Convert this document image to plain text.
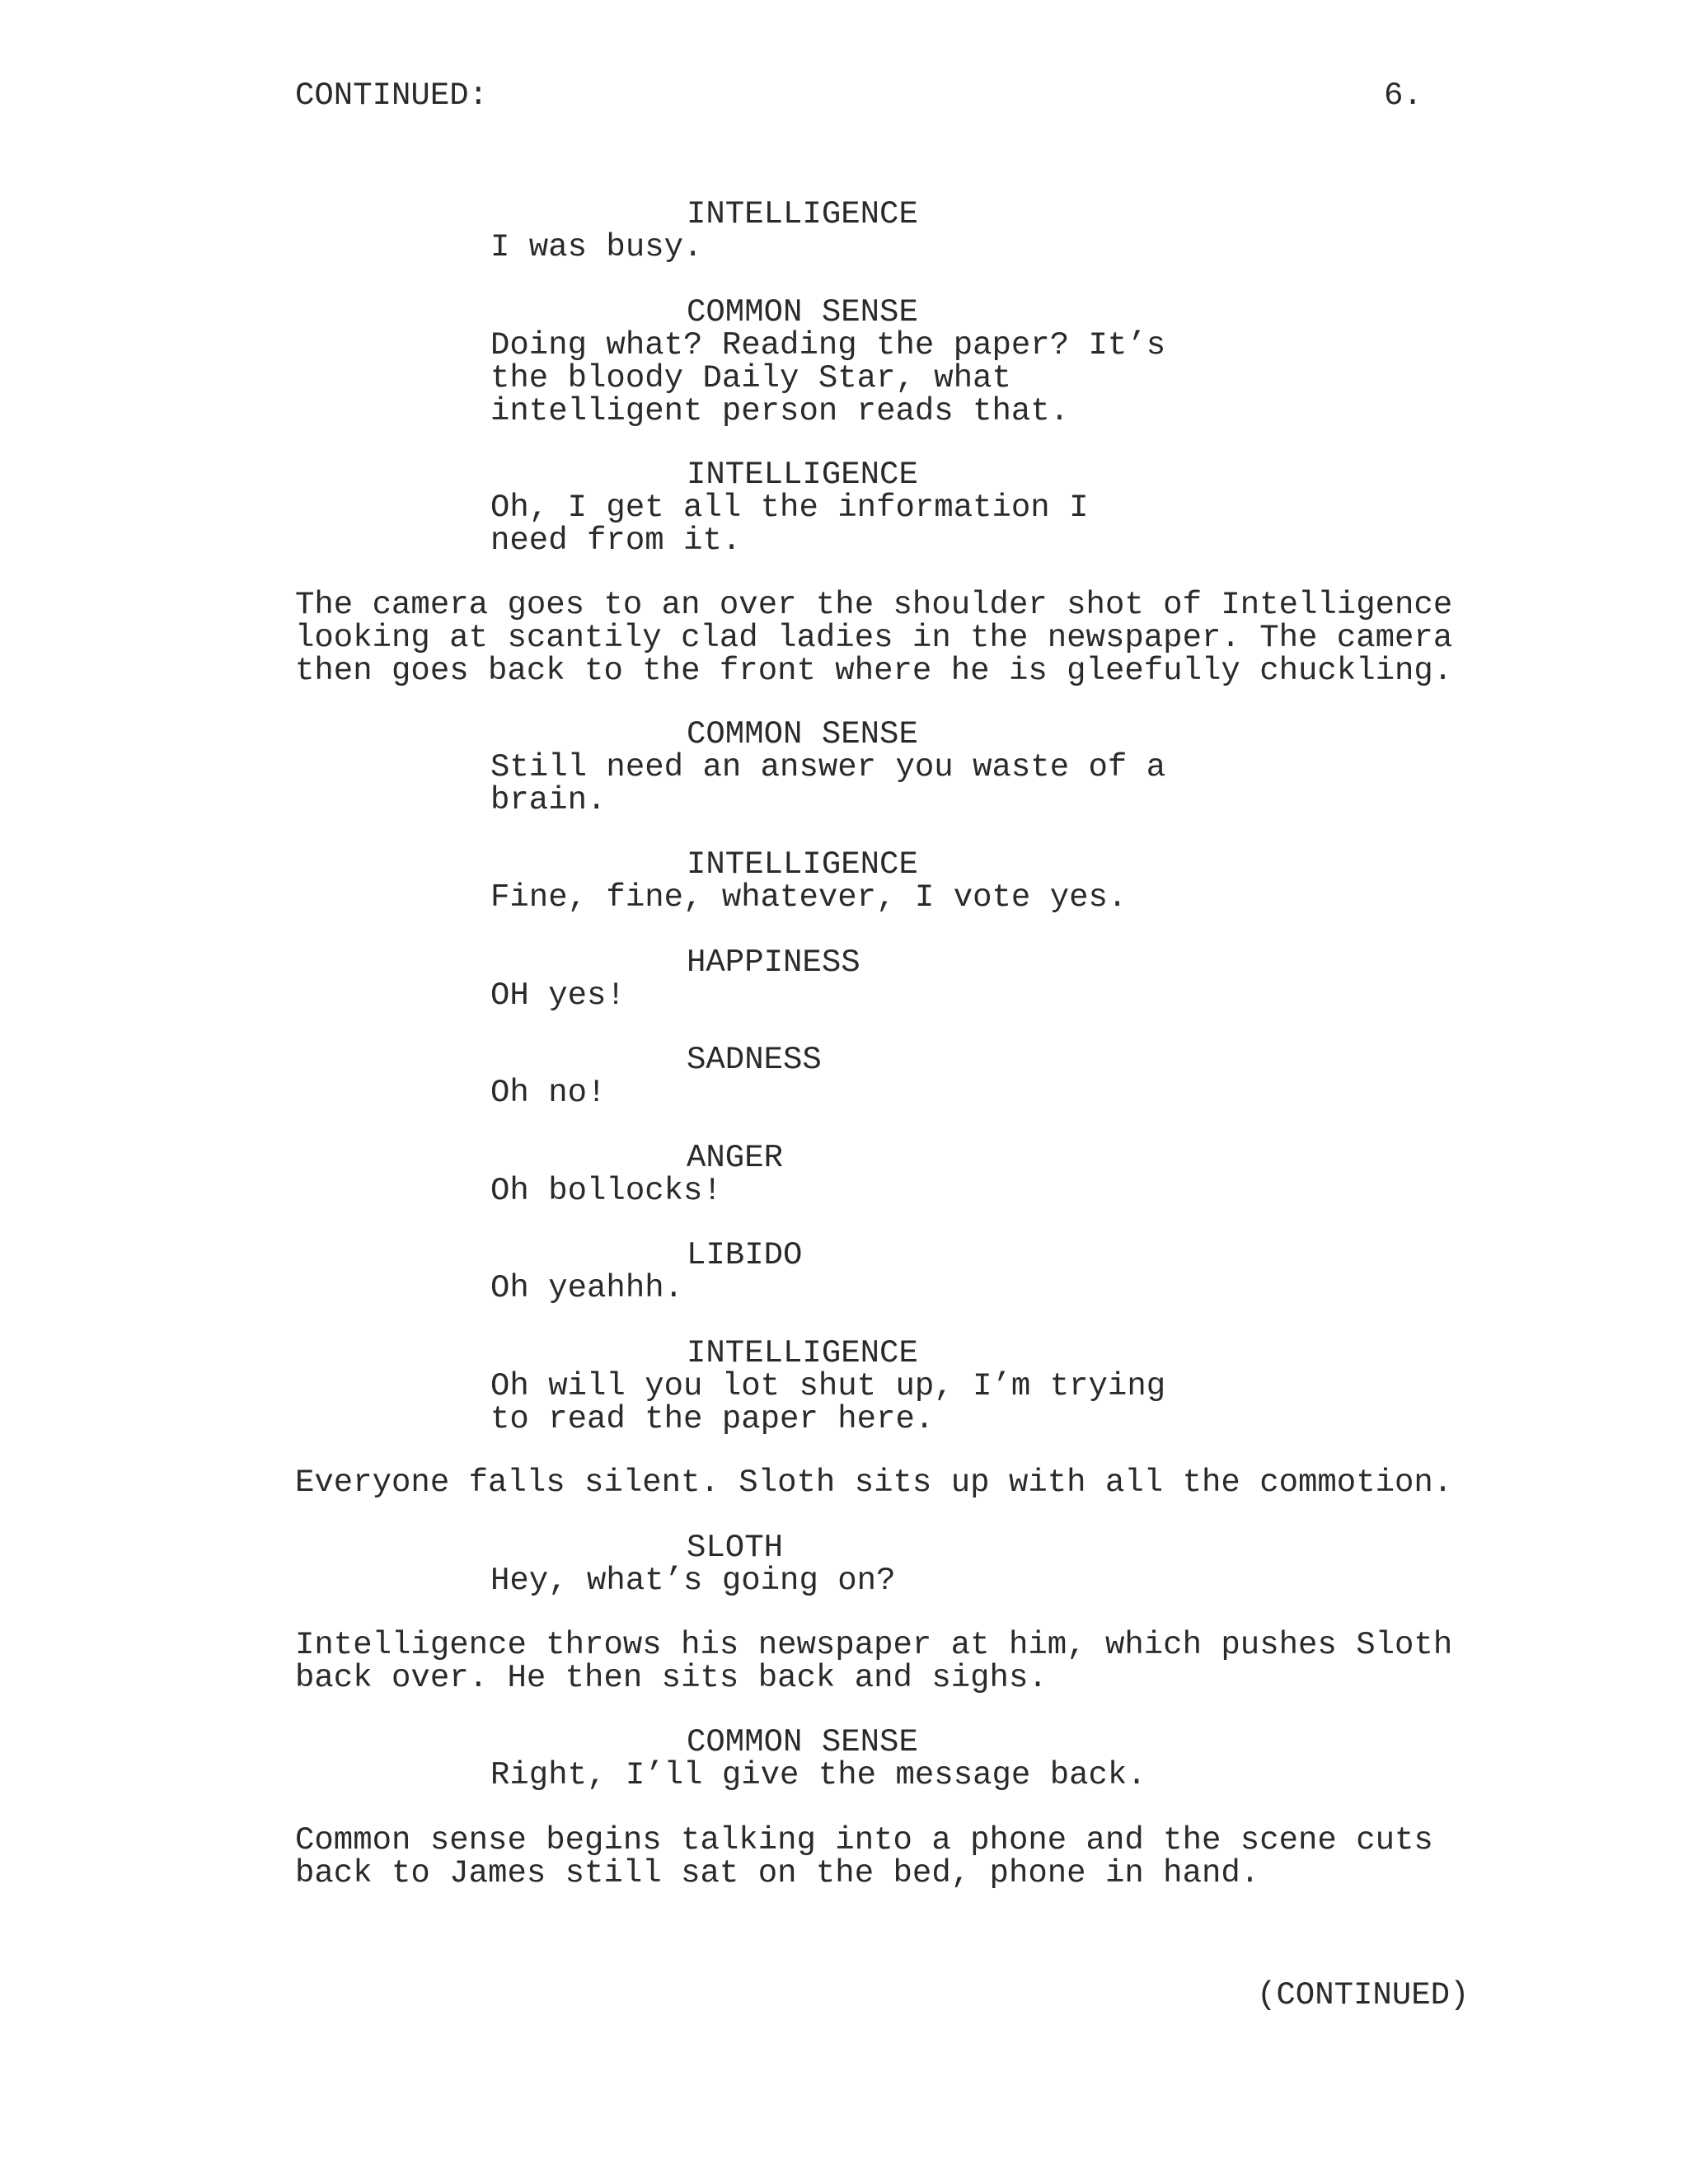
CONTINUED:	6.
INTELLIGENCE
I was busy.
COMMON SENSE
Doing what? Reading the paper? It’s
the bloody Daily Star, what
intelligent person reads that.
INTELLIGENCE
Oh, I get all the information I
need from it.
The camera goes to an over the shoulder shot of Intelligence
looking at scantily clad ladies in the newspaper. The camera
then goes back to the front where he is gleefully chuckling.
COMMON SENSE
Still need an answer you waste of a
brain.
INTELLIGENCE
Fine, fine, whatever, I vote yes.
HAPPINESS
OH yes!
SADNESS
Oh no!
ANGER
Oh bollocks!
LIBIDO
Oh yeahhh.
INTELLIGENCE
Oh will you lot shut up, I’m trying
to read the paper here.
Everyone falls silent. Sloth sits up with all the commotion.
SLOTH
Hey, what’s going on?
Intelligence throws his newspaper at him, which pushes Sloth
back over. He then sits back and sighs.
COMMON SENSE
Right, I’ll give the message back.
Common sense begins talking into a phone and the scene cuts
back to James still sat on the bed, phone in hand.
(CONTINUED)
